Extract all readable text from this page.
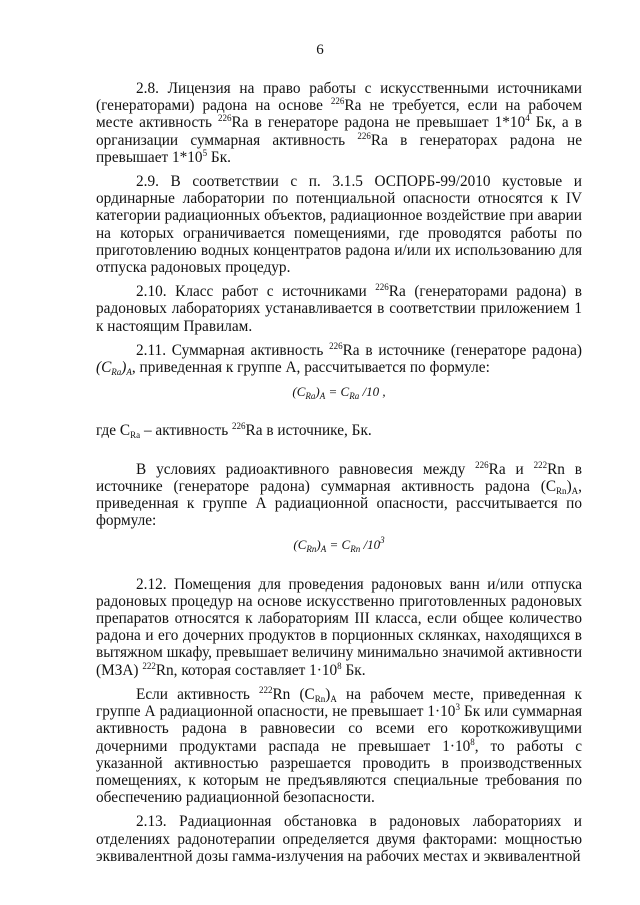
6

2.8. Лицензия на право работы с искусственными источниками (генераторами) радона на основе $^{226}$Ra не требуется, если на рабочем месте активность $^{226}$Ra в генераторе радона не превышает $1*10^4$ Бк, а в организации суммарная активность $^{226}$Ra в генераторах радона не превышает $1*10^5$ Бк.

2.9. В соответствии с п. 3.1.5 ОСПОРБ-99/2010 кустовые и ординарные лаборатории по потенциальной опасности относятся к IV категории радиационных объектов, радиационное воздействие при аварии на которых ограничивается помещениями, где проводятся работы по приготовлению водных концентратов радона и/или их использованию для отпуска радоновых процедур.

2.10. Класс работ с источниками $^{226}$Ra (генераторами радона) в радоновых лабораториях устанавливается в соответствии приложением 1 к настоящим Правилам.

2.11. Суммарная активность $^{226}$Ra в источнике (генераторе радона) $(C_{Ra})_A$, приведенная к группе А, рассчитывается по формуле:

$(C_{Ra})_A = C_{Ra}$ /10 ,

где $C_{Ra}$ – активность $^{226}$Ra в источнике, Бк.

В условиях радиоактивного равновесия между $^{226}$Ra и $^{222}$Rn в источнике (генераторе радона) суммарная активность радона $(C_{Rn})_A$, приведенная к группе А радиационной опасности, рассчитывается по формуле:

$(C_{Rn})_A = C_{Rn}$ $/10^3$

2.12. Помещения для проведения радоновых ванн и/или отпуска радоновых процедур на основе искусственно приготовленных радоновых препаратов относятся к лабораториям III класса, если общее количество радона и его дочерних продуктов в порционных склянках, находящихся в вытяжном шкафу, превышает величину минимально значимой активности (МЗА) $^{222}$Rn, которая составляет $1\cdot 10^8$ Бк.

Если активность $^{222}$Rn $(C_{Rn})_A$ на рабочем месте, приведенная к группе А радиационной опасности, не превышает $1\cdot 10^3$ Бк или суммарная активность радона в равновесии со всеми его короткоживущими дочерними продуктами распада не превышает $1\cdot 10^8$, то работы с указанной активностью разрешается проводить в производственных помещениях, к которым не предъявляются специальные требования по обеспечению радиационной безопасности.

2.13. Радиационная обстановка в радоновых лабораториях и отделениях радонотерапии определяется двумя факторами: мощностью эквивалентной дозы гамма-излучения на рабочих местах и эквивалентной
